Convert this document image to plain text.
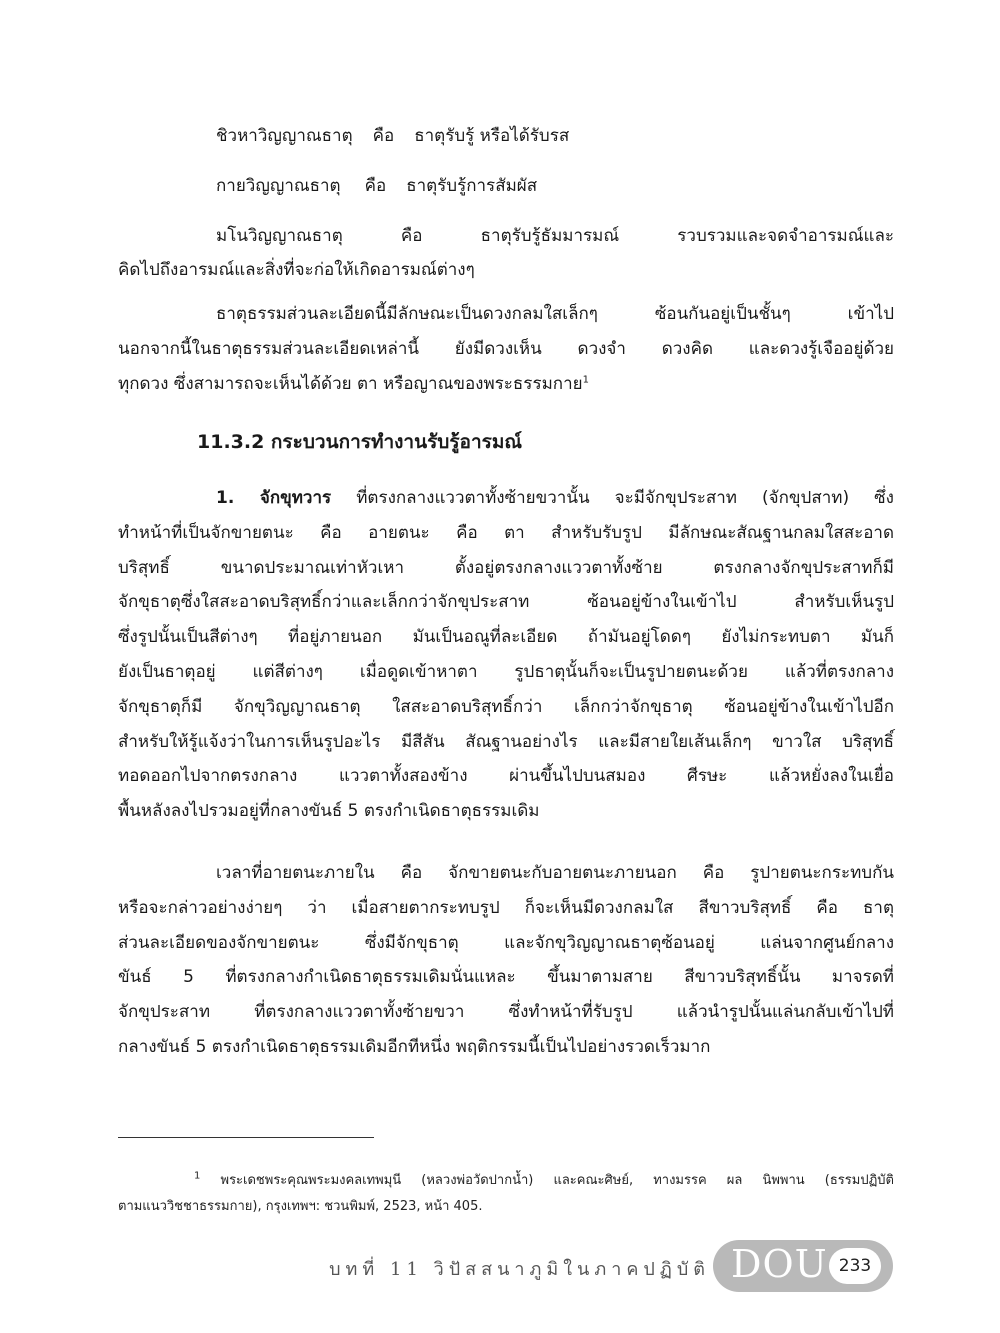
ชิวหาวิญญาณธาตุ คือ ธาตุรับรู้ หรือได้รับรส
กายวิญญาณธาตุ คือ ธาตุรับรู้การสัมผัส
มโนวิญญาณธาตุ	คือ	ธาตุรับรู้ธัมมารมณ์ รวบรวมและจดจำอารมณ์และ
คิดไปถึงอารมณ์และสิ่งที่จะก่อให้เกิดอารมณ์ต่างๆ
ธาตุธรรมส่วนละเอียดนี้มีลักษณะเป็นดวงกลมใสเล็กๆ ซ้อนกันอยู่เป็นชั้นๆ เข้าไป
นอกจากนี้ในธาตุธรรมส่วนละเอียดเหล่านี้ ยังมีดวงเห็น ดวงจำ ดวงคิด และดวงรู้เจืออยู่ด้วย
ทุกดวง ซึ่งสามารถจะเห็นได้ด้วย ตา หรือญาณของพระธรรมกาย$^1$
11.3.2 กระบวนการทำงานรับรู้อารมณ์
1. จักขุทวาร ที่ตรงกลางแววตาทั้งซ้ายขวานั้น จะมีจักขุประสาท (จักขุปสาท) ซึ่ง
ทำหน้าที่เป็นจักขายตนะ คือ อายตนะ คือ ตา สำหรับรับรูป มีลักษณะสัณฐานกลมใสสะอาด
บริสุทธิ์ ขนาดประมาณเท่าหัวเหา ตั้งอยู่ตรงกลางแววตาทั้งซ้าย ตรงกลางจักขุประสาทก็มี
จักขุธาตุซึ่งใสสะอาดบริสุทธิ์กว่าและเล็กกว่าจักขุประสาท ซ้อนอยู่ข้างในเข้าไป สำหรับเห็นรูป
ซึ่งรูปนั้นเป็นสีต่างๆ ที่อยู่ภายนอก มันเป็นอณูที่ละเอียด ถ้ามันอยู่โดดๆ ยังไม่กระทบตา มันก็
ยังเป็นธาตุอยู่ แต่สีต่างๆ เมื่อดูดเข้าหาตา รูปธาตุนั้นก็จะเป็นรูปายตนะด้วย แล้วที่ตรงกลาง
จักขุธาตุก็มี จักขุวิญญาณธาตุ ใสสะอาดบริสุทธิ์กว่า เล็กกว่าจักขุธาตุ ซ้อนอยู่ข้างในเข้าไปอีก
สำหรับให้รู้แจ้งว่าในการเห็นรูปอะไร มีสีสัน สัณฐานอย่างไร และมีสายใยเส้นเล็กๆ ขาวใส บริสุทธิ์
ทอดออกไปจากตรงกลาง แววตาทั้งสองข้าง ผ่านขึ้นไปบนสมอง ศีรษะ แล้วหยั่งลงในเยื่อ
พื้นหลังลงไปรวมอยู่ที่กลางขันธ์ 5 ตรงกำเนิดธาตุธรรมเดิม
เวลาที่อายตนะภายใน คือ จักขายตนะกับอายตนะภายนอก คือ รูปายตนะกระทบกัน
หรือจะกล่าวอย่างง่ายๆ ว่า เมื่อสายตากระทบรูป ก็จะเห็นมีดวงกลมใส สีขาวบริสุทธิ์ คือ ธาตุ
ส่วนละเอียดของจักขายตนะ ซึ่งมีจักขุธาตุ และจักขุวิญญาณธาตุซ้อนอยู่ แล่นจากศูนย์กลาง
ขันธ์ 5 ที่ตรงกลางกำเนิดธาตุธรรมเดิมนั่นแหละ ขึ้นมาตามสาย สีขาวบริสุทธิ์นั้น มาจรดที่
จักขุประสาท ที่ตรงกลางแววตาทั้งซ้ายขวา ซึ่งทำหน้าที่รับรูป แล้วนำรูปนั้นแล่นกลับเข้าไปที่
กลางขันธ์ 5 ตรงกำเนิดธาตุธรรมเดิมอีกทีหนึ่ง พฤติกรรมนี้เป็นไปอย่างรวดเร็วมาก
$^1$ พระเดชพระคุณพระมงคลเทพมุนี (หลวงพ่อวัดปากน้ำ) และคณะศิษย์, ทางมรรค ผล นิพพาน (ธรรมปฏิบัติ
ตามแนววิชชาธรรมกาย), กรุงเทพฯ: ชวนพิมพ์, 2523, หน้า 405.
บทที่ 11 วิปัสสนาภูมิในภาคปฏิบัติ DOU 233
